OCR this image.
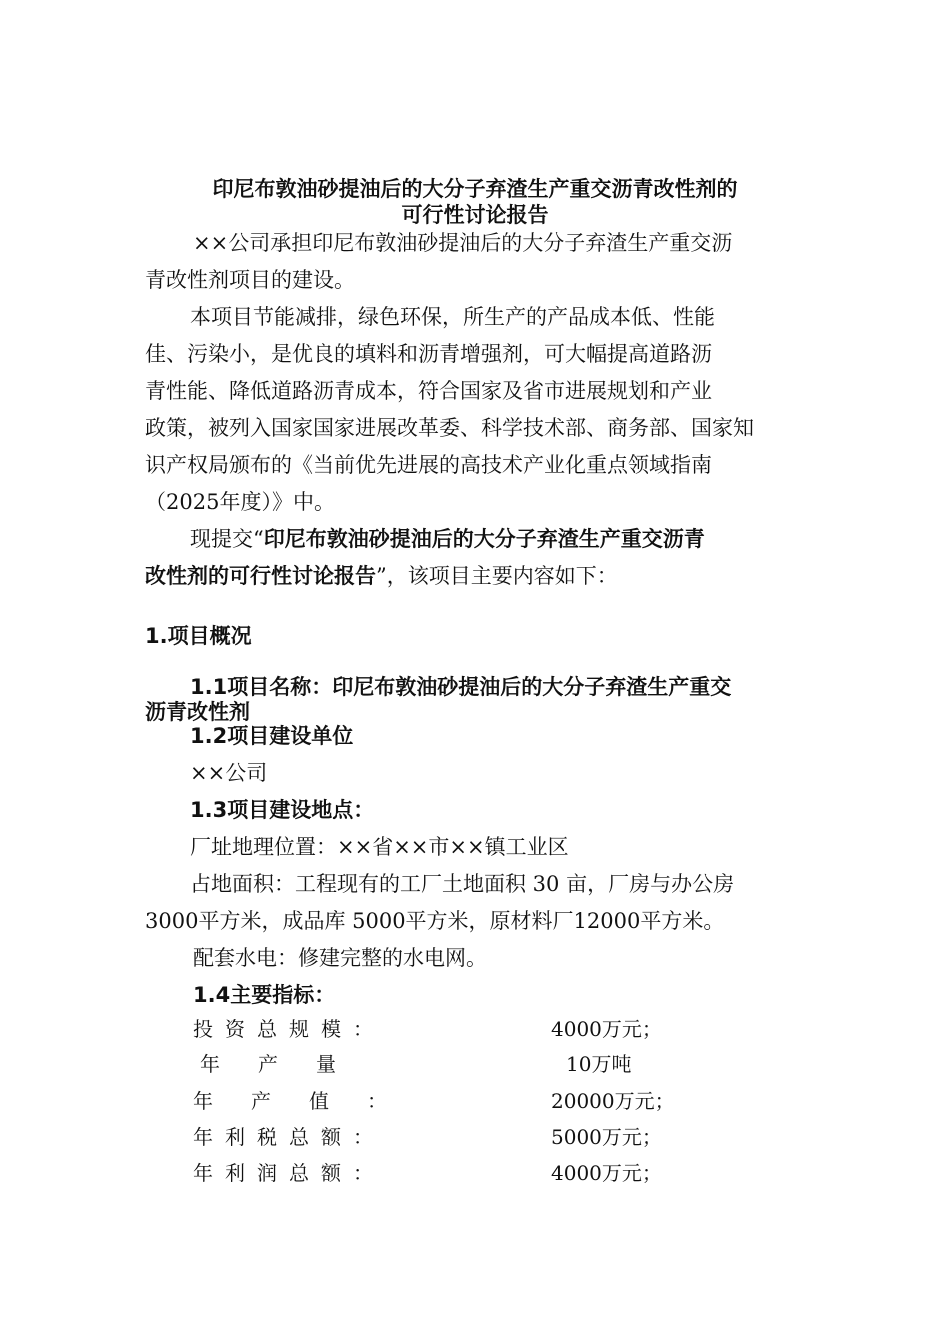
印尼布敦油砂提油后的大分子弃渣生产重交沥青改性剂的
可行性讨论报告
××公司承担印尼布敦油砂提油后的大分子弃渣生产重交沥
青改性剂项目的建设。
本项目节能减排，绿色环保，所生产的产品成本低、性能
佳、污染小，是优良的填料和沥青增强剂，可大幅提高道路沥
青性能、降低道路沥青成本，符合国家及省市进展规划和产业
政策，被列入国家国家进展改革委、科学技术部、商务部、国家知
识产权局颁布的《当前优先进展的高技术产业化重点领域指南
（2025年度）》中。
现提交“印尼布敦油砂提油后的大分子弃渣生产重交沥青
改性剂的可行性讨论报告”，该项目主要内容如下：
1.项目概况
1.1项目名称：印尼布敦油砂提油后的大分子弃渣生产重交
沥青改性剂
1.2项目建设单位
××公司
1.3项目建设地点：
厂址地理位置：××省××市××镇工业区
占地面积：工程现有的工厂土地面积 30 亩，厂房与办公房
3000平方米，成品库 5000平方米，原材料厂12000平方米。
配套水电：修建完整的水电网。
1.4主要指标：
投资总规模：	4000万元；
年产量	10万吨
年产值：	20000万元；
年利税总额：	5000万元；
年利润总额：	4000万元；
